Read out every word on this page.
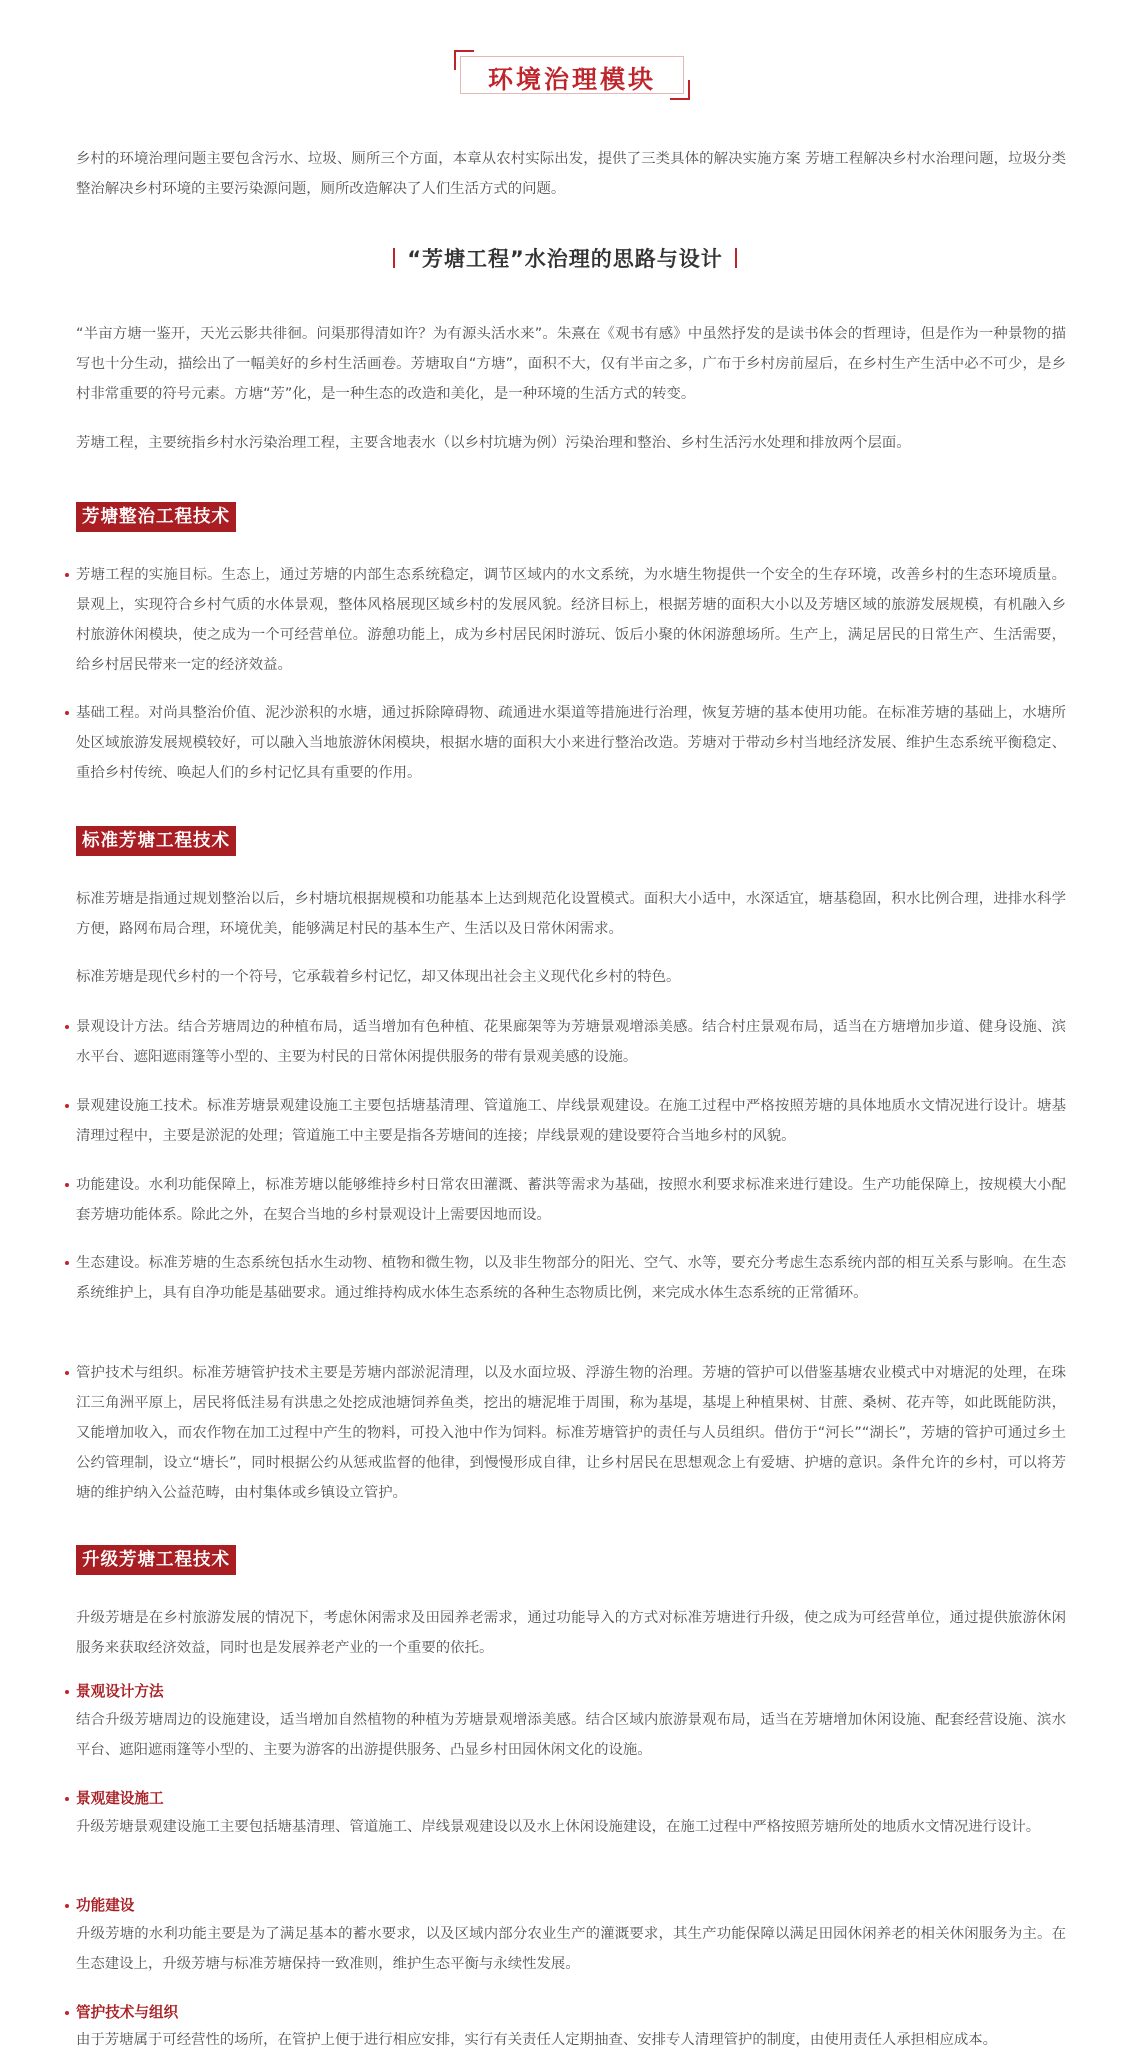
环境治理模块

乡村的环境治理问题主要包含污水、垃圾、厕所三个方面，本章从农村实际出发，提供了三类具体的解决实施方案 芳塘工程解决乡村水治理问题，垃圾分类整治解决乡村环境的主要污染源问题，厕所改造解决了人们生活方式的问题。

“芳塘工程”水治理的思路与设计

“半亩方塘一鉴开，天光云影共徘徊。问渠那得清如许？为有源头活水来”。朱熹在《观书有感》中虽然抒发的是读书体会的哲理诗，但是作为一种景物的描写也十分生动，描绘出了一幅美好的乡村生活画卷。芳塘取自“方塘”，面积不大，仅有半亩之多，广布于乡村房前屋后，在乡村生产生活中必不可少，是乡村非常重要的符号元素。方塘“芳”化，是一种生态的改造和美化，是一种环境的生活方式的转变。

芳塘工程，主要统指乡村水污染治理工程，主要含地表水（以乡村坑塘为例）污染治理和整治、乡村生活污水处理和排放两个层面。

芳塘整治工程技术

芳塘工程的实施目标。生态上，通过芳塘的内部生态系统稳定，调节区域内的水文系统，为水塘生物提供一个安全的生存环境，改善乡村的生态环境质量。景观上，实现符合乡村气质的水体景观，整体风格展现区域乡村的发展风貌。经济目标上，根据芳塘的面积大小以及芳塘区域的旅游发展规模，有机融入乡村旅游休闲模块，使之成为一个可经营单位。游憩功能上，成为乡村居民闲时游玩、饭后小聚的休闲游憩场所。生产上，满足居民的日常生产、生活需要，给乡村居民带来一定的经济效益。

基础工程。对尚具整治价值、泥沙淤积的水塘，通过拆除障碍物、疏通进水渠道等措施进行治理，恢复芳塘的基本使用功能。在标准芳塘的基础上，水塘所处区域旅游发展规模较好，可以融入当地旅游休闲模块，根据水塘的面积大小来进行整治改造。芳塘对于带动乡村当地经济发展、维护生态系统平衡稳定、重拾乡村传统、唤起人们的乡村记忆具有重要的作用。

标准芳塘工程技术

标准芳塘是指通过规划整治以后，乡村塘坑根据规模和功能基本上达到规范化设置模式。面积大小适中，水深适宜，塘基稳固，积水比例合理，进排水科学方便，路网布局合理，环境优美，能够满足村民的基本生产、生活以及日常休闲需求。

标准芳塘是现代乡村的一个符号，它承载着乡村记忆，却又体现出社会主义现代化乡村的特色。

景观设计方法。结合芳塘周边的种植布局，适当增加有色种植、花果廊架等为芳塘景观增添美感。结合村庄景观布局，适当在方塘增加步道、健身设施、滨水平台、遮阳遮雨篷等小型的、主要为村民的日常休闲提供服务的带有景观美感的设施。

景观建设施工技术。标准芳塘景观建设施工主要包括塘基清理、管道施工、岸线景观建设。在施工过程中严格按照芳塘的具体地质水文情况进行设计。塘基清理过程中，主要是淤泥的处理；管道施工中主要是指各芳塘间的连接；岸线景观的建设要符合当地乡村的风貌。

功能建设。水利功能保障上，标准芳塘以能够维持乡村日常农田灌溉、蓄洪等需求为基础，按照水利要求标准来进行建设。生产功能保障上，按规模大小配套芳塘功能体系。除此之外，在契合当地的乡村景观设计上需要因地而设。

生态建设。标准芳塘的生态系统包括水生动物、植物和微生物，以及非生物部分的阳光、空气、水等，要充分考虑生态系统内部的相互关系与影响。在生态系统维护上，具有自净功能是基础要求。通过维持构成水体生态系统的各种生态物质比例，来完成水体生态系统的正常循环。

管护技术与组织。标准芳塘管护技术主要是芳塘内部淤泥清理，以及水面垃圾、浮游生物的治理。芳塘的管护可以借鉴基塘农业模式中对塘泥的处理，在珠江三角洲平原上，居民将低洼易有洪患之处挖成池塘饲养鱼类，挖出的塘泥堆于周围，称为基堤，基堤上种植果树、甘蔗、桑树、花卉等，如此既能防洪，又能增加收入，而农作物在加工过程中产生的物料，可投入池中作为饲料。标准芳塘管护的责任与人员组织。借仿于“河长”“湖长”，芳塘的管护可通过乡土公约管理制，设立“塘长”，同时根据公约从惩戒监督的他律，到慢慢形成自律，让乡村居民在思想观念上有爱塘、护塘的意识。条件允许的乡村，可以将芳塘的维护纳入公益范畴，由村集体或乡镇设立管护。

升级芳塘工程技术

升级芳塘是在乡村旅游发展的情况下，考虑休闲需求及田园养老需求，通过功能导入的方式对标准芳塘进行升级，使之成为可经营单位，通过提供旅游休闲服务来获取经济效益，同时也是发展养老产业的一个重要的依托。

景观设计方法

结合升级芳塘周边的设施建设，适当增加自然植物的种植为芳塘景观增添美感。结合区域内旅游景观布局，适当在芳塘增加休闲设施、配套经营设施、滨水平台、遮阳遮雨篷等小型的、主要为游客的出游提供服务、凸显乡村田园休闲文化的设施。

景观建设施工

升级芳塘景观建设施工主要包括塘基清理、管道施工、岸线景观建设以及水上休闲设施建设，在施工过程中严格按照芳塘所处的地质水文情况进行设计。

功能建设

升级芳塘的水利功能主要是为了满足基本的蓄水要求，以及区域内部分农业生产的灌溉要求，其生产功能保障以满足田园休闲养老的相关休闲服务为主。在生态建设上，升级芳塘与标准芳塘保持一致准则，维护生态平衡与永续性发展。

管护技术与组织

由于芳塘属于可经营性的场所，在管护上便于进行相应安排，实行有关责任人定期抽查、安排专人清理管护的制度，由使用责任人承担相应成本。
